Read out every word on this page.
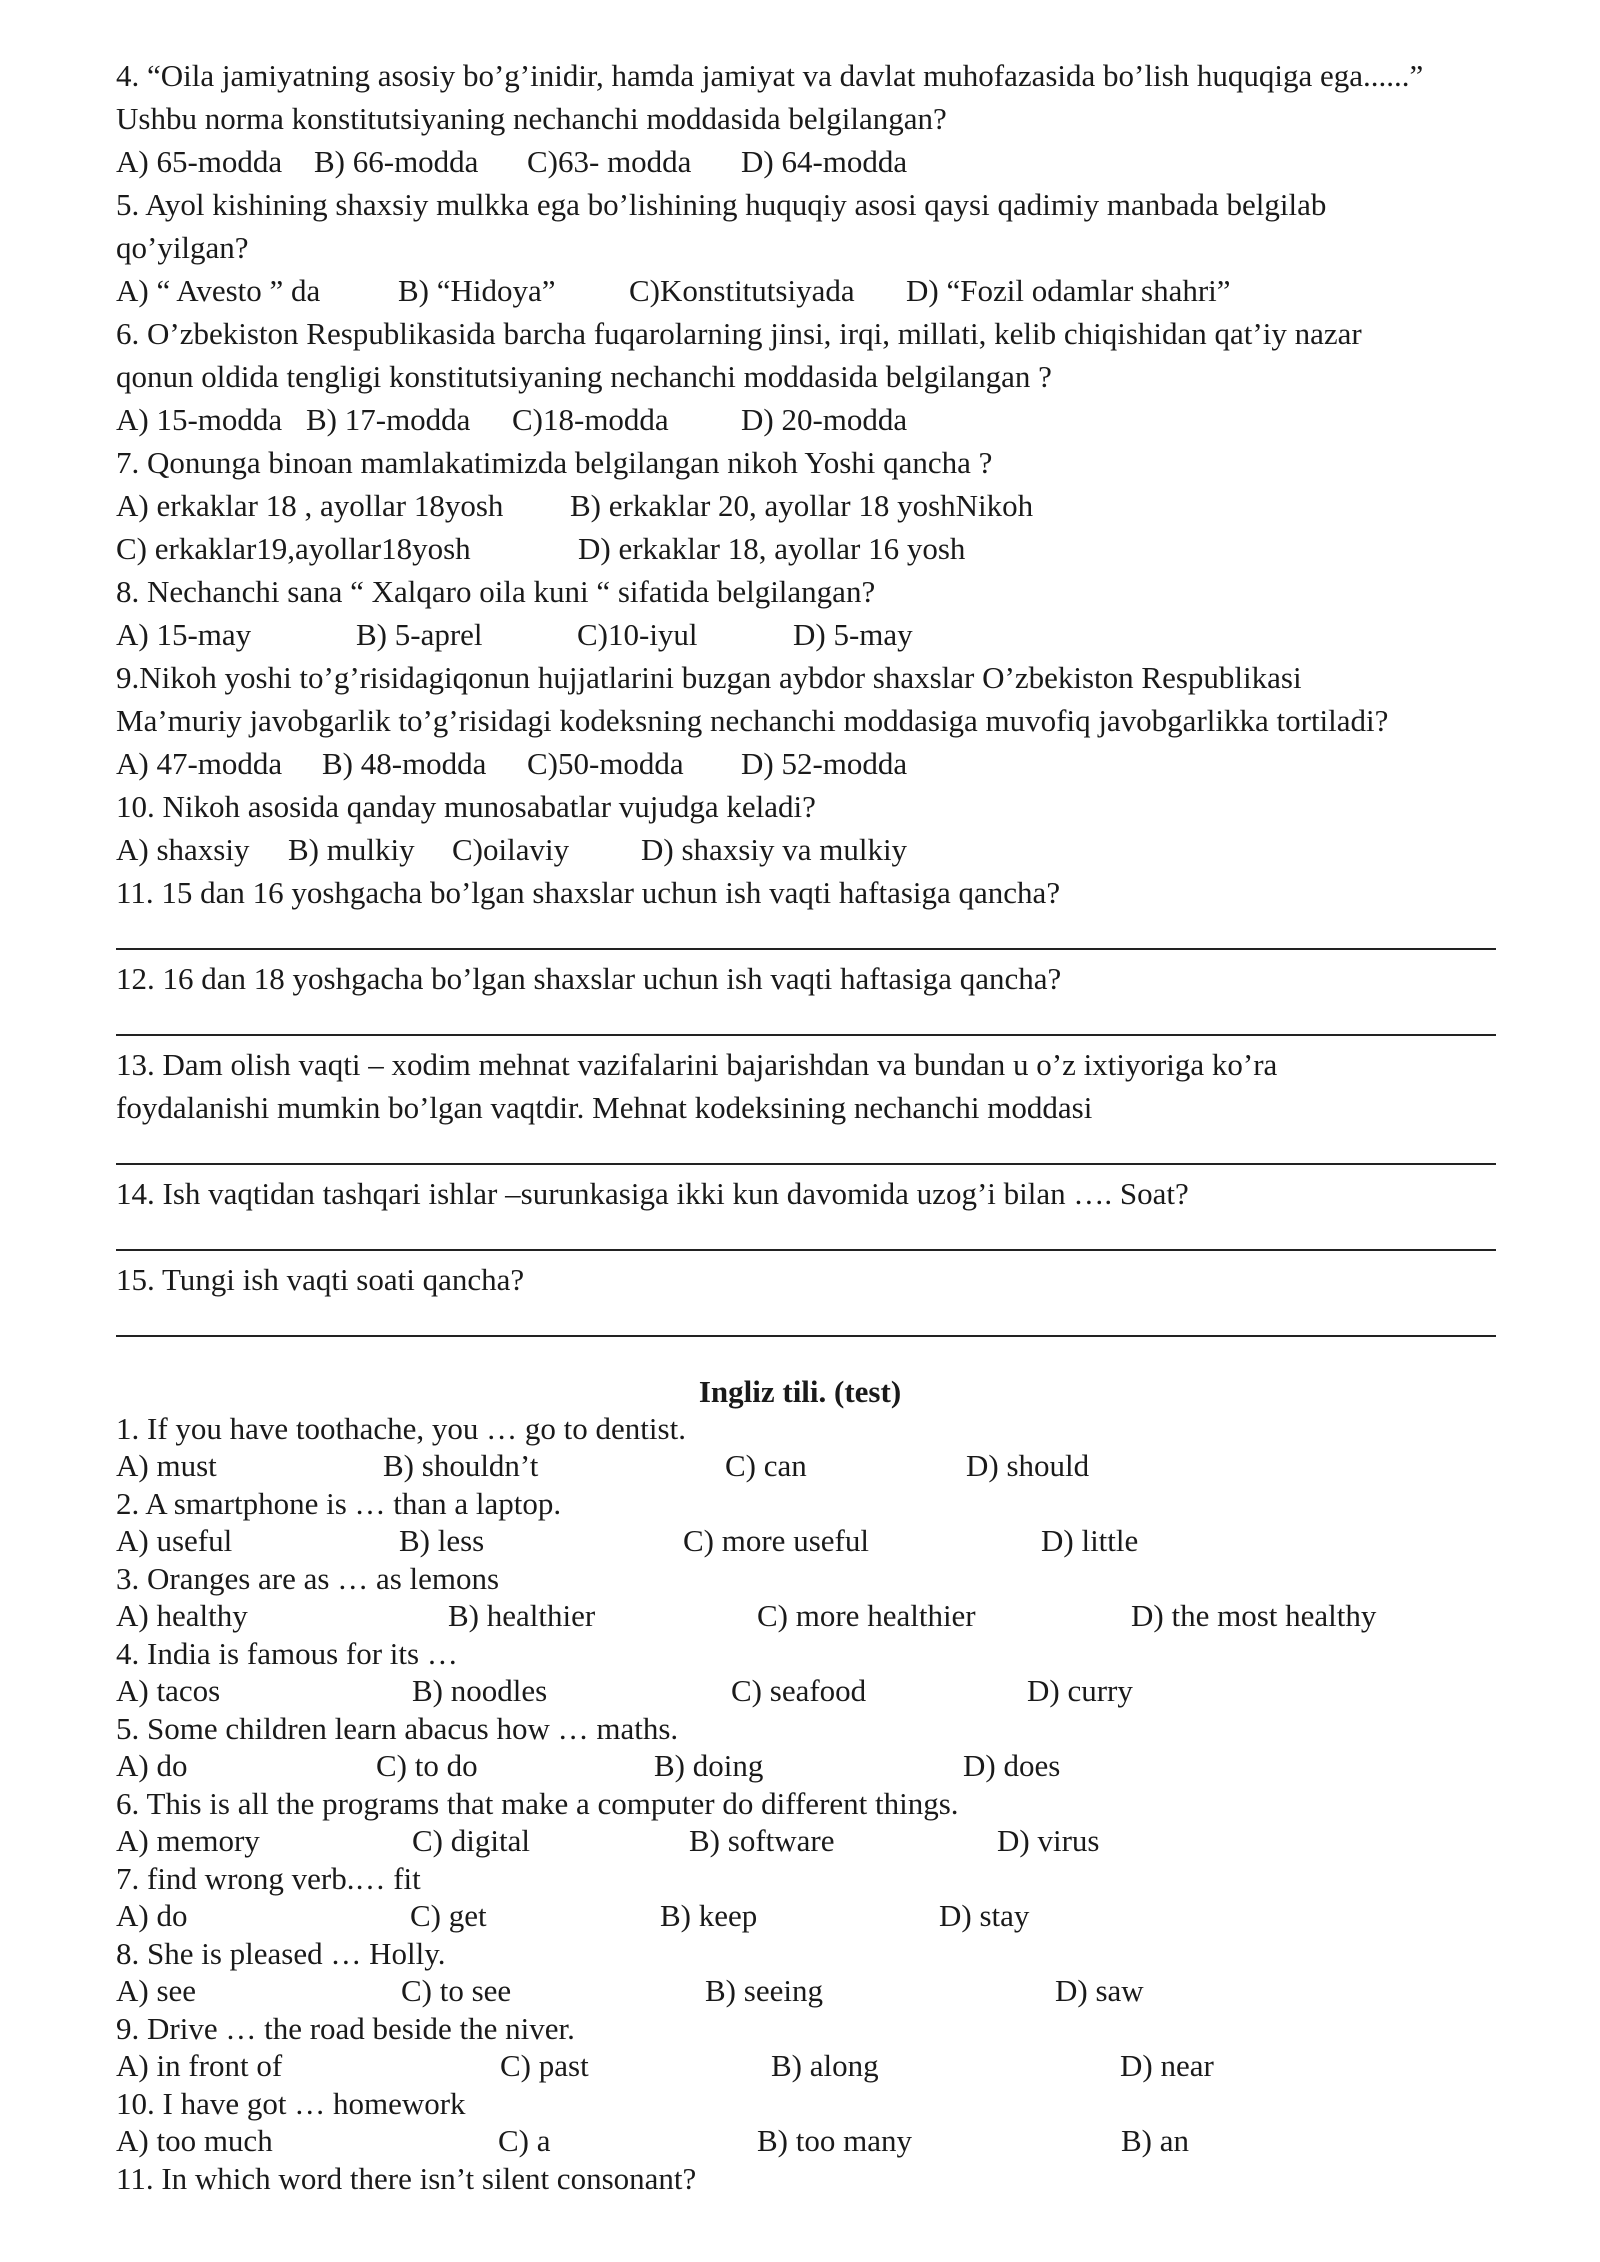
4. “Oila jamiyatning asosiy bo’g’inidir, hamda jamiyat va davlat muhofazasida bo’lish huquqiga ega......”
Ushbu norma konstitutsiyaning nechanchi moddasida belgilangan?
A) 65-modda B) 66-modda C)63- modda D) 64-modda
5. Ayol kishining shaxsiy mulkka ega bo’lishining huquqiy asosi qaysi qadimiy manbada belgilab
qo’yilgan?
A) “ Avesto ” da	B) “Hidoya” C)Konstitutsiyada D) “Fozil odamlar shahri”
6. O’zbekiston Respublikasida barcha fuqarolarning jinsi, irqi, millati, kelib chiqishidan qat’iy nazar
qonun oldida tengligi konstitutsiyaning nechanchi moddasida belgilangan ?
A) 15-modda B) 17-modda C)18-modda D) 20-modda
7. Qonunga binoan mamlakatimizda belgilangan nikoh Yoshi qancha ?
A) erkaklar 18 , ayollar 18yosh B) erkaklar 20, ayollar 18 yoshNikoh
C) erkaklar19,ayollar18yosh	D) erkaklar 18, ayollar 16 yosh
8. Nechanchi sana “ Xalqaro oila kuni “ sifatida belgilangan?
A) 15-may	B) 5-aprel	C)10-iyul	D) 5-may
9.Nikoh yoshi to’g’risidagiqonun hujjatlarini buzgan aybdor shaxslar O’zbekiston Respublikasi
Ma’muriy javobgarlik to’g’risidagi kodeksning nechanchi moddasiga muvofiq javobgarlikka tortiladi?
A) 47-modda B) 48-modda C)50-modda D) 52-modda
10. Nikoh asosida qanday munosabatlar vujudga keladi?
A) shaxsiy B) mulkiy C)oilaviy D) shaxsiy va mulkiy
11. 15 dan 16 yoshgacha bo’lgan shaxslar uchun ish vaqti haftasiga qancha?
12. 16 dan 18 yoshgacha bo’lgan shaxslar uchun ish vaqti haftasiga qancha?
13. Dam olish vaqti – xodim mehnat vazifalarini bajarishdan va bundan u o’z ixtiyoriga ko’ra
foydalanishi mumkin bo’lgan vaqtdir. Mehnat kodeksining nechanchi moddasi
14. Ish vaqtidan tashqari ishlar –surunkasiga ikki kun davomida uzog’i bilan …. Soat?
15. Tungi ish vaqti soati qancha?
Ingliz tili. (test)
1. If you have toothache, you … go to dentist.
A) must	B) shouldn’t	C) can	D) should
2. A smartphone is … than a laptop.
A) useful	B) less	C) more useful	D) little
3. Oranges are as … as lemons
A) healthy	B) healthier	C) more healthier	D) the most healthy
4. India is famous for its …
A) tacos	B) noodles	C) seafood	D) curry
5. Some children learn abacus how … maths.
A) do	C) to do	B) doing	D) does
6. This is all the programs that make a computer do different things.
A) memory	C) digital	B) software	D) virus
7. find wrong verb.… fit
A) do	C) get	B) keep	D) stay
8. She is pleased … Holly.
A) see	C) to see	B) seeing	D) saw
9. Drive … the road beside the niver.
A) in front of	C) past	B) along	D) near
10. I have got … homework
A) too much	C) a	B) too many	B) an
11. In which word there isn’t silent consonant?
